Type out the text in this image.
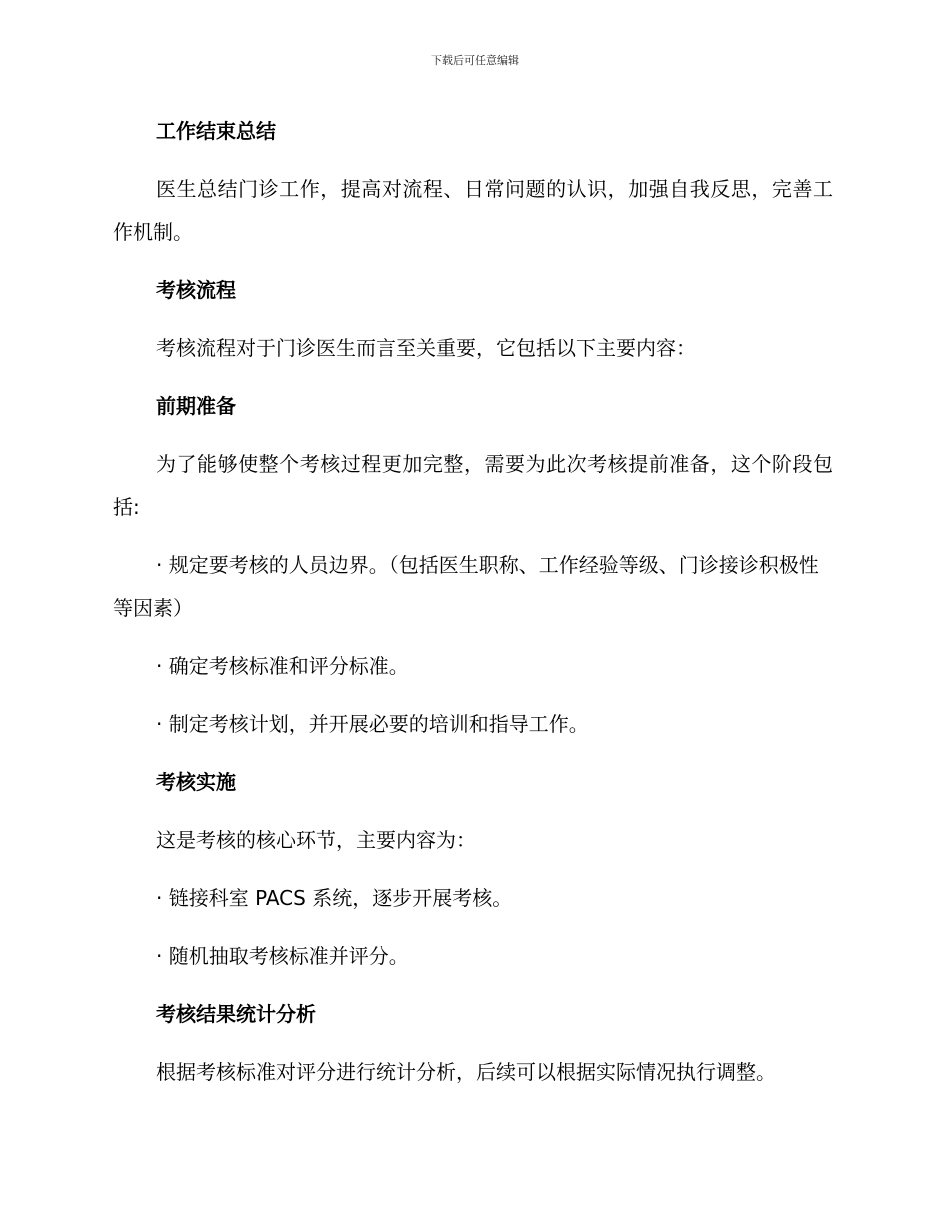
下载后可任意编辑

工作结束总结

医生总结门诊工作，提高对流程、日常问题的认识，加强自我反思，完善工作机制。

考核流程

考核流程对于门诊医生而言至关重要，它包括以下主要内容：

前期准备

为了能够使整个考核过程更加完整，需要为此次考核提前准备，这个阶段包括:

· 规定要考核的人员边界。（包括医生职称、工作经验等级、门诊接诊积极性等因素）

· 确定考核标准和评分标准。

· 制定考核计划，并开展必要的培训和指导工作。

考核实施

这是考核的核心环节，主要内容为：

· 链接科室 PACS 系统，逐步开展考核。

· 随机抽取考核标准并评分。

考核结果统计分析

根据考核标准对评分进行统计分析，后续可以根据实际情况执行调整。
